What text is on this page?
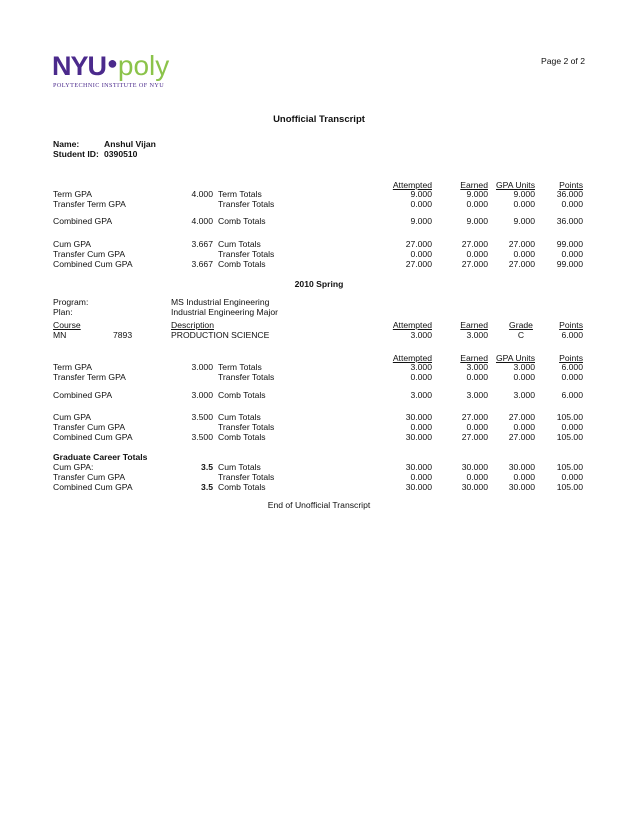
Page 2 of 2
NYU●poly
POLYTECHNIC INSTITUTE OF NYU
Unofficial Transcript
Name:	Anshul Vijan
Student ID: 0390510
Attempted	Earned GPA Units	Points
Term GPA	4.000 Term Totals	9.000	9.000	9.000	36.000
Transfer Term GPA	Transfer Totals	0.000	0.000	0.000	0.000
Combined GPA	4.000 Comb Totals	9.000	9.000	9.000	36.000
Cum GPA	3.667 Cum Totals	27.000	27.000 27.000	99.000
Transfer Cum GPA	Transfer Totals	0.000	0.000	0.000	0.000
Combined Cum GPA	3.667 Comb Totals	27.000	27.000 27.000	99.000
2010 Spring
Program:	MS Industrial Engineering
Plan:	Industrial Engineering Major
Course	Description	Attempted	Earned	Grade	Points
MN	7893	PRODUCTION SCIENCE	3.000	3.000	C	6.000
Attempted	Earned GPA Units	Points
Term GPA	3.000 Term Totals	3.000	3.000	3.000	6.000
Transfer Term GPA	Transfer Totals	0.000	0.000	0.000	0.000
Combined GPA	3.000 Comb Totals	3.000	3.000	3.000	6.000
Cum GPA	3.500 Cum Totals	30.000	27.000 27.000	105.00
Transfer Cum GPA	Transfer Totals	0.000	0.000	0.000	0.000
Combined Cum GPA	3.500 Comb Totals	30.000	27.000 27.000	105.00
Graduate Career Totals
Cum GPA:	3.5 Cum Totals	30.000	30.000 30.000	105.00
Transfer Cum GPA	Transfer Totals	0.000	0.000	0.000	0.000
Combined Cum GPA	3.5 Comb Totals	30.000	30.000 30.000	105.00
End of Unofficial Transcript
